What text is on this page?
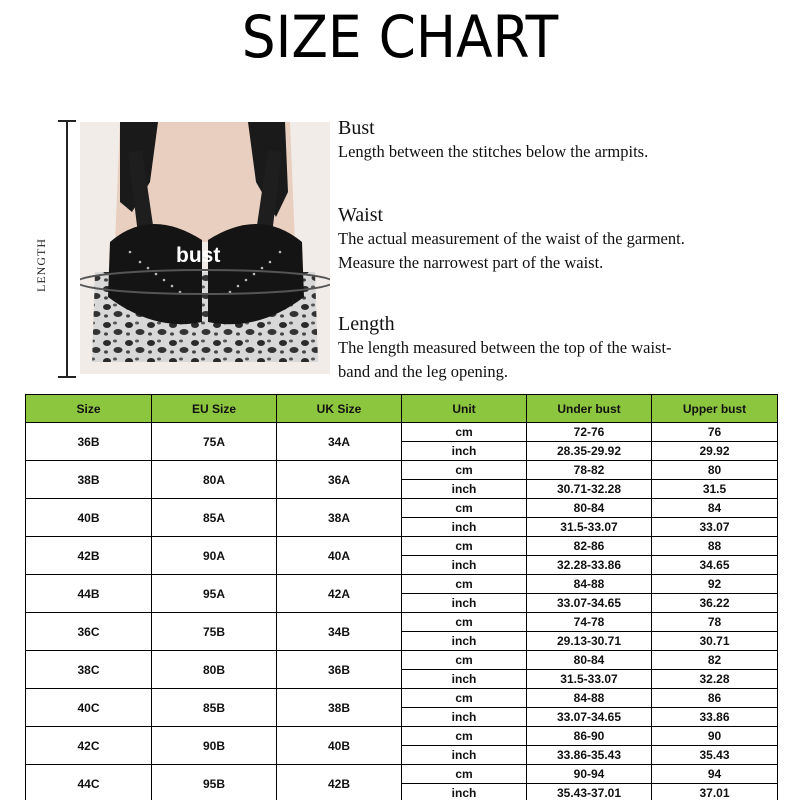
SIZE CHART
LENGTH	bust
Bust

Length between the stitches below the armpits.

Waist

The actual measurement of the waist of the garment.

Measure the narrowest part of the waist.

Length

The length measured between the top of the waist-

band and the leg opening.

Size	EU Size	UK Size	Unit	Under bust	Upper bust
36B	75A	34A	cm	72-76	76
			inch	28.35-29.92	29.92
38B	80A	36A	cm	78-82	80
			inch	30.71-32.28	31.5
40B	85A	38A	cm	80-84	84
			inch	31.5-33.07	33.07
42B	90A	40A	cm	82-86	88
			inch	32.28-33.86	34.65
44B	95A	42A	cm	84-88	92
			inch	33.07-34.65	36.22
36C	75B	34B	cm	74-78	78
			inch	29.13-30.71	30.71
38C	80B	36B	cm	80-84	82
			inch	31.5-33.07	32.28
40C	85B	38B	cm	84-88	86
			inch	33.07-34.65	33.86
42C	90B	40B	cm	86-90	90
			inch	33.86-35.43	35.43
44C	95B	42B	cm	90-94	94
			inch	35.43-37.01	37.01
